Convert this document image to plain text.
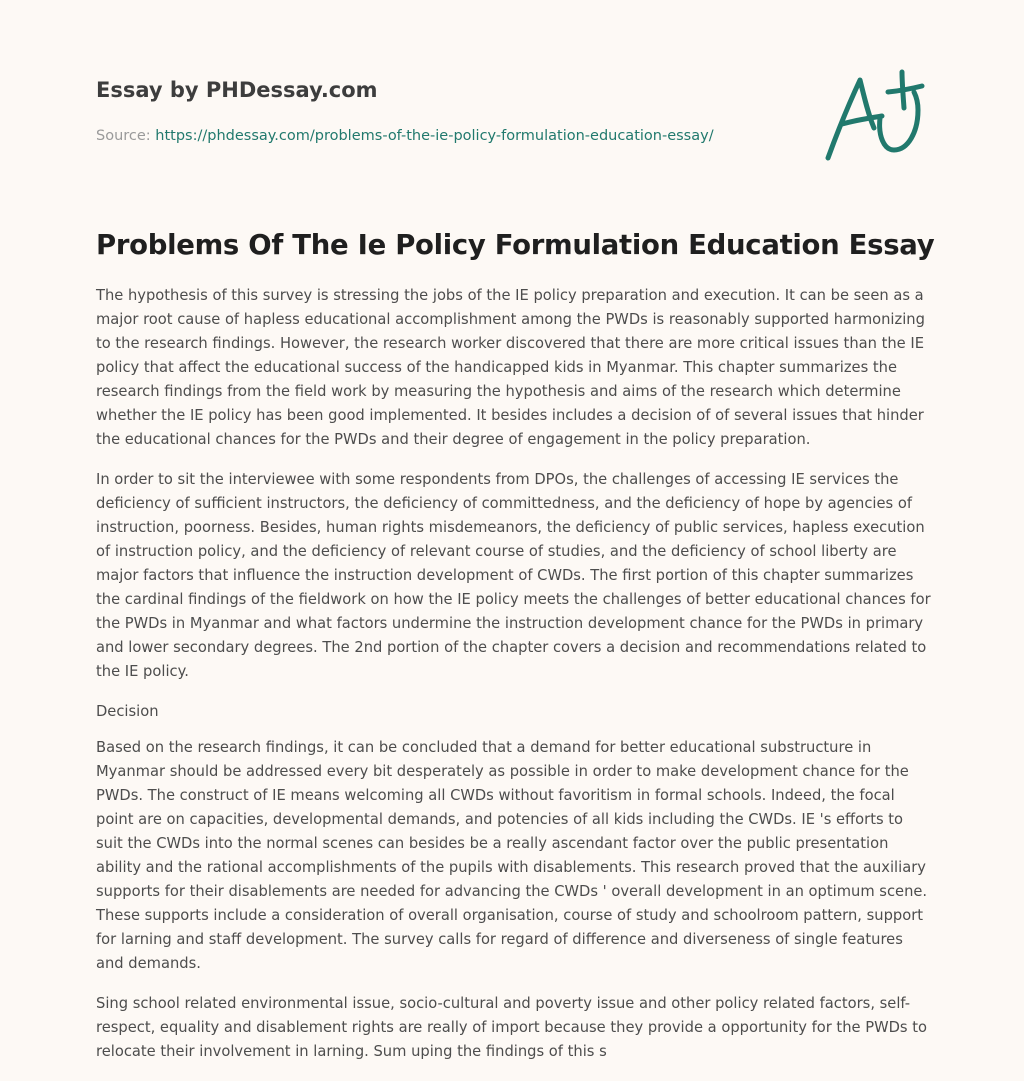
Essay by PHDessay.com
Source: https://phdessay.com/problems-of-the-ie-policy-formulation-education-essay/
Problems Of The Ie Policy Formulation Education Essay

The hypothesis of this survey is stressing the jobs of the IE policy preparation and execution. It can be seen as a major root cause of hapless educational accomplishment among the PWDs is reasonably supported harmonizing to the research findings. However, the research worker discovered that there are more critical issues than the IE policy that affect the educational success of the handicapped kids in Myanmar. This chapter summarizes the research findings from the field work by measuring the hypothesis and aims of the research which determine whether the IE policy has been good implemented. It besides includes a decision of of several issues that hinder the educational chances for the PWDs and their degree of engagement in the policy preparation.

In order to sit the interviewee with some respondents from DPOs, the challenges of accessing IE services the deficiency of sufficient instructors, the deficiency of committedness, and the deficiency of hope by agencies of instruction, poorness. Besides, human rights misdemeanors, the deficiency of public services, hapless execution of instruction policy, and the deficiency of relevant course of studies, and the deficiency of school liberty are major factors that influence the instruction development of CWDs. The first portion of this chapter summarizes the cardinal findings of the fieldwork on how the IE policy meets the challenges of better educational chances for the PWDs in Myanmar and what factors undermine the instruction development chance for the PWDs in primary and lower secondary degrees. The 2nd portion of the chapter covers a decision and recommendations related to the IE policy.

Decision

Based on the research findings, it can be concluded that a demand for better educational substructure in Myanmar should be addressed every bit desperately as possible in order to make development chance for the PWDs. The construct of IE means welcoming all CWDs without favoritism in formal schools. Indeed, the focal point are on capacities, developmental demands, and potencies of all kids including the CWDs. IE 's efforts to suit the CWDs into the normal scenes can besides be a really ascendant factor over the public presentation ability and the rational accomplishments of the pupils with disablements. This research proved that the auxiliary supports for their disablements are needed for advancing the CWDs ' overall development in an optimum scene. These supports include a consideration of overall organisation, course of study and schoolroom pattern, support for larning and staff development. The survey calls for regard of difference and diverseness of single features and demands.

Sing school related environmental issue, socio-cultural and poverty issue and other policy related factors, self-respect, equality and disablement rights are really of import because they provide a opportunity for the PWDs to relocate their involvement in larning. Sum uping the findings of this s
